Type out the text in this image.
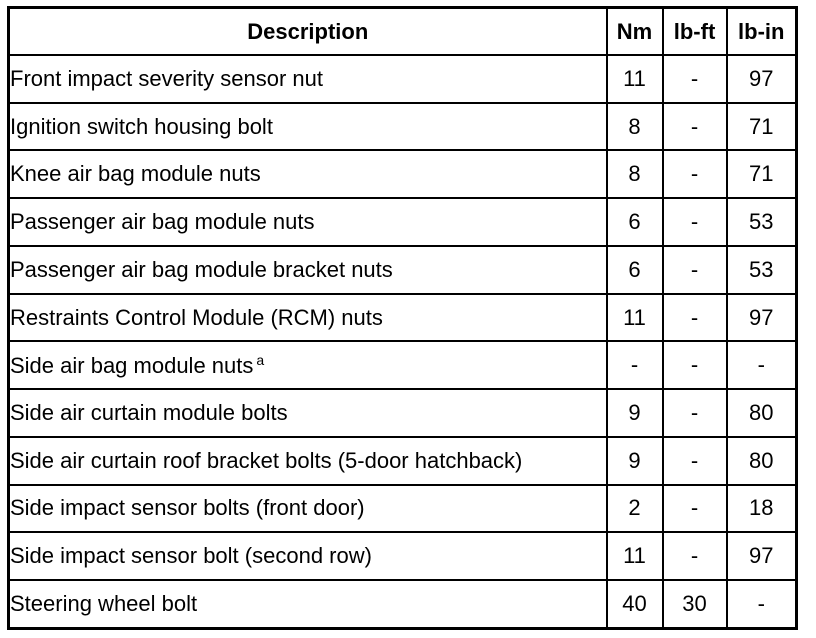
Description	Nm	lb-ft	lb-in
Front impact severity sensor nut	11	-	97
Ignition switch housing bolt	8	-	71
Knee air bag module nuts	8	-	71
Passenger air bag module nuts	6	-	53
Passenger air bag module bracket nuts	6	-	53
Restraints Control Module (RCM) nuts	11	-	97
Side air bag module nuts $^a$	-	-	-
Side air curtain module bolts	9	-	80
Side air curtain roof bracket bolts (5-door hatchback)	9	-	80
Side impact sensor bolts (front door)	2	-	18
Side impact sensor bolt (second row)	11	-	97
Steering wheel bolt	40	30	-
